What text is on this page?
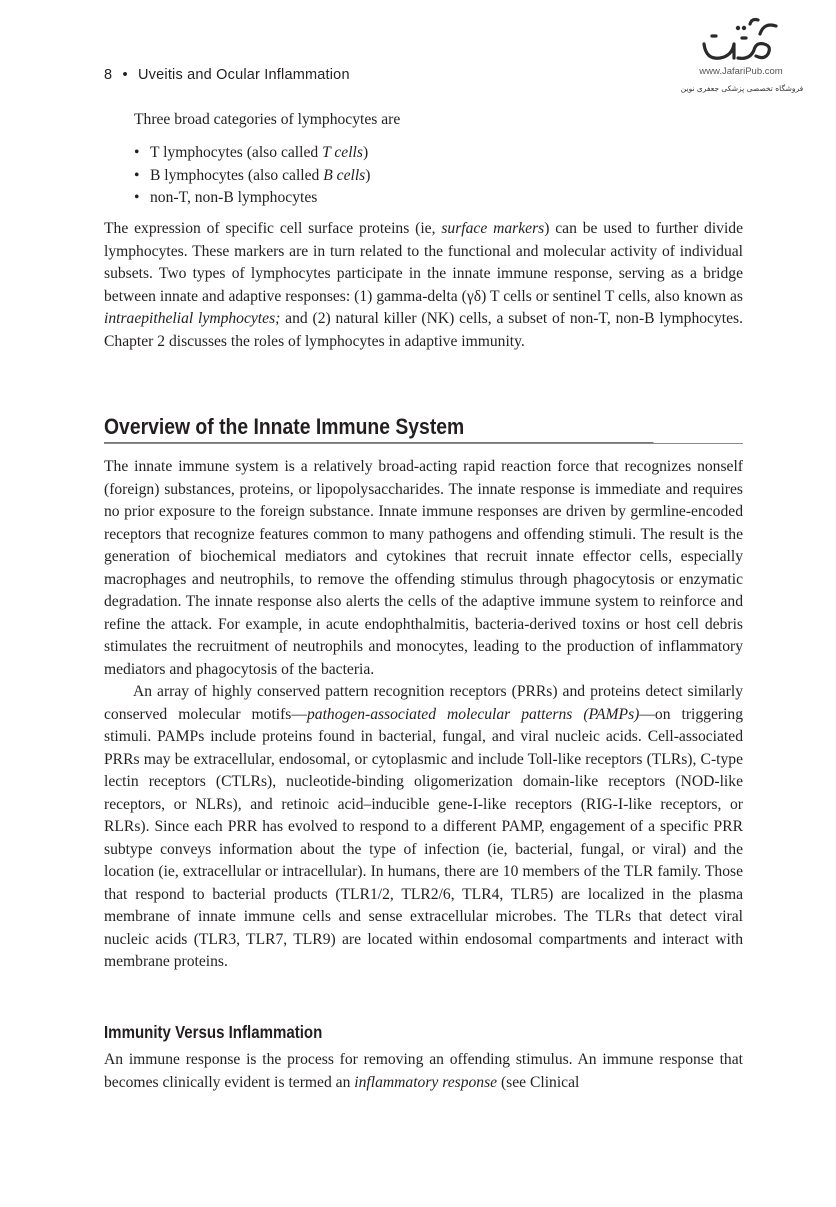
8 • Uveitis and Ocular Inflammation	www.JafariPub.com
فروشگاه تخصصی پزشکی جعفری نوین
Three broad categories of lymphocytes are
• T lymphocytes (also called T cells)
• B lymphocytes (also called B cells)
• non-T, non-B lymphocytes

The expression of specific cell surface proteins (ie, surface markers) can be used to further divide lymphocytes. These markers are in turn related to the functional and molecular activity of individual subsets. Two types of lymphocytes participate in the innate immune response, serving as a bridge between innate and adaptive responses: (1) gamma-delta (γδ) T cells or sentinel T cells, also known as intraepithelial lymphocytes; and (2) natural killer (NK) cells, a subset of non-T, non-B lymphocytes. Chapter 2 discusses the roles of lymphocytes in adaptive immunity.

Overview of the Innate Immune System

The innate immune system is a relatively broad-acting rapid reaction force that recognizes nonself (foreign) substances, proteins, or lipopolysaccharides. The innate response is immediate and requires no prior exposure to the foreign substance. Innate immune responses are driven by germline-encoded receptors that recognize features common to many pathogens and offending stimuli. The result is the generation of biochemical mediators and cytokines that recruit innate effector cells, especially macrophages and neutrophils, to remove the offending stimulus through phagocytosis or enzymatic degradation. The innate response also alerts the cells of the adaptive immune system to reinforce and refine the attack. For example, in acute endophthalmitis, bacteria-derived toxins or host cell debris stimulates the recruitment of neutrophils and monocytes, leading to the production of inflammatory mediators and phagocytosis of the bacteria.

An array of highly conserved pattern recognition receptors (PRRs) and proteins detect similarly conserved molecular motifs—pathogen-associated molecular patterns (PAMPs)—on triggering stimuli. PAMPs include proteins found in bacterial, fungal, and viral nucleic acids. Cell-associated PRRs may be extracellular, endosomal, or cytoplasmic and include Toll-like receptors (TLRs), C-type lectin receptors (CTLRs), nucleotide-binding oligomerization domain-like receptors (NOD-like receptors, or NLRs), and retinoic acid–inducible gene-I-like receptors (RIG-I-like receptors, or RLRs). Since each PRR has evolved to respond to a different PAMP, engagement of a specific PRR subtype conveys information about the type of infection (ie, bacterial, fungal, or viral) and the location (ie, extracellular or intracellular). In humans, there are 10 members of the TLR family. Those that respond to bacterial products (TLR1/2, TLR2/6, TLR4, TLR5) are localized in the plasma membrane of innate immune cells and sense extracellular microbes. The TLRs that detect viral nucleic acids (TLR3, TLR7, TLR9) are located within endosomal compartments and interact with membrane proteins.

Immunity Versus Inflammation

An immune response is the process for removing an offending stimulus. An immune response that becomes clinically evident is termed an inflammatory response (see Clinical
